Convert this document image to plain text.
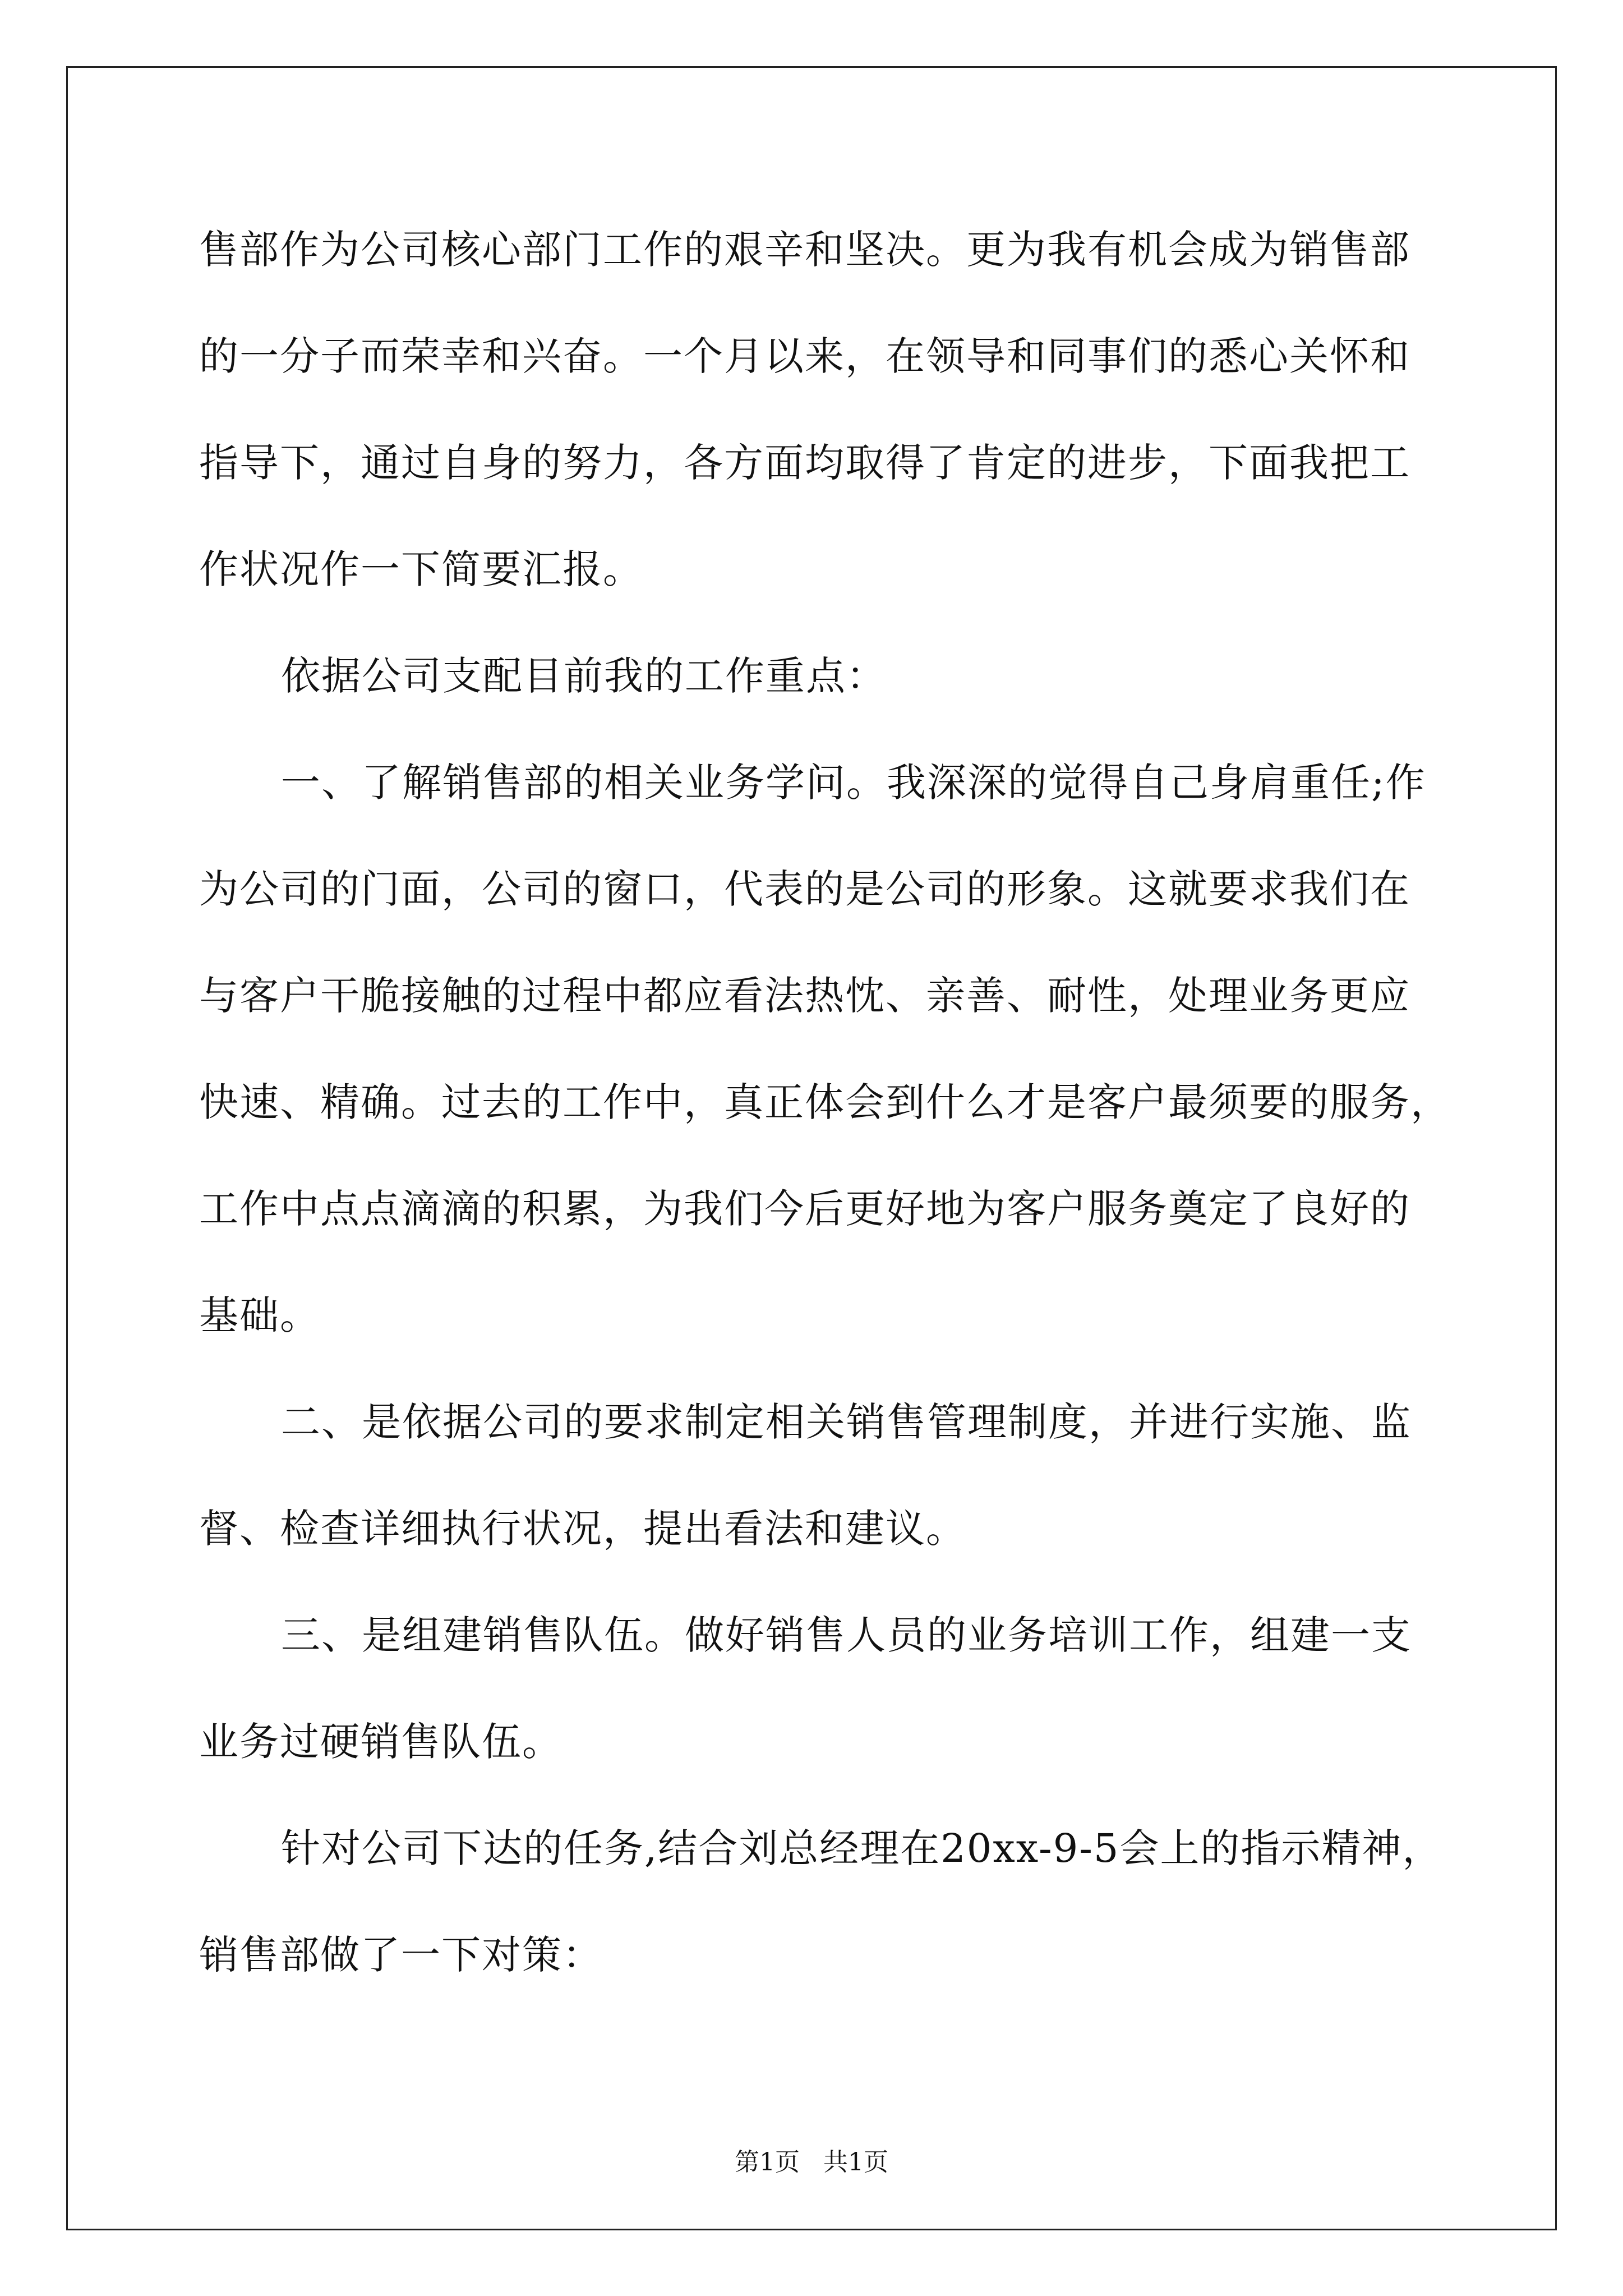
售部作为公司核心部门工作的艰辛和坚决。更为我有机会成为销售部
的一分子而荣幸和兴奋。一个月以来，在领导和同事们的悉心关怀和
指导下，通过自身的努力，各方面均取得了肯定的进步，下面我把工
作状况作一下简要汇报。
依据公司支配目前我的工作重点：
一、了解销售部的相关业务学问。我深深的觉得自己身肩重任;作
为公司的门面，公司的窗口，代表的是公司的形象。这就要求我们在
与客户干脆接触的过程中都应看法热忱、亲善、耐性，处理业务更应
快速、精确。过去的工作中，真正体会到什么才是客户最须要的服务，
工作中点点滴滴的积累，为我们今后更好地为客户服务奠定了良好的
基础。
二、是依据公司的要求制定相关销售管理制度，并进行实施、监
督、检查详细执行状况，提出看法和建议。
三、是组建销售队伍。做好销售人员的业务培训工作，组建一支
业务过硬销售队伍。
针对公司下达的任务,结合刘总经理在20xx-9-5会上的指示精神，
销售部做了一下对策：
第1页   共1页
